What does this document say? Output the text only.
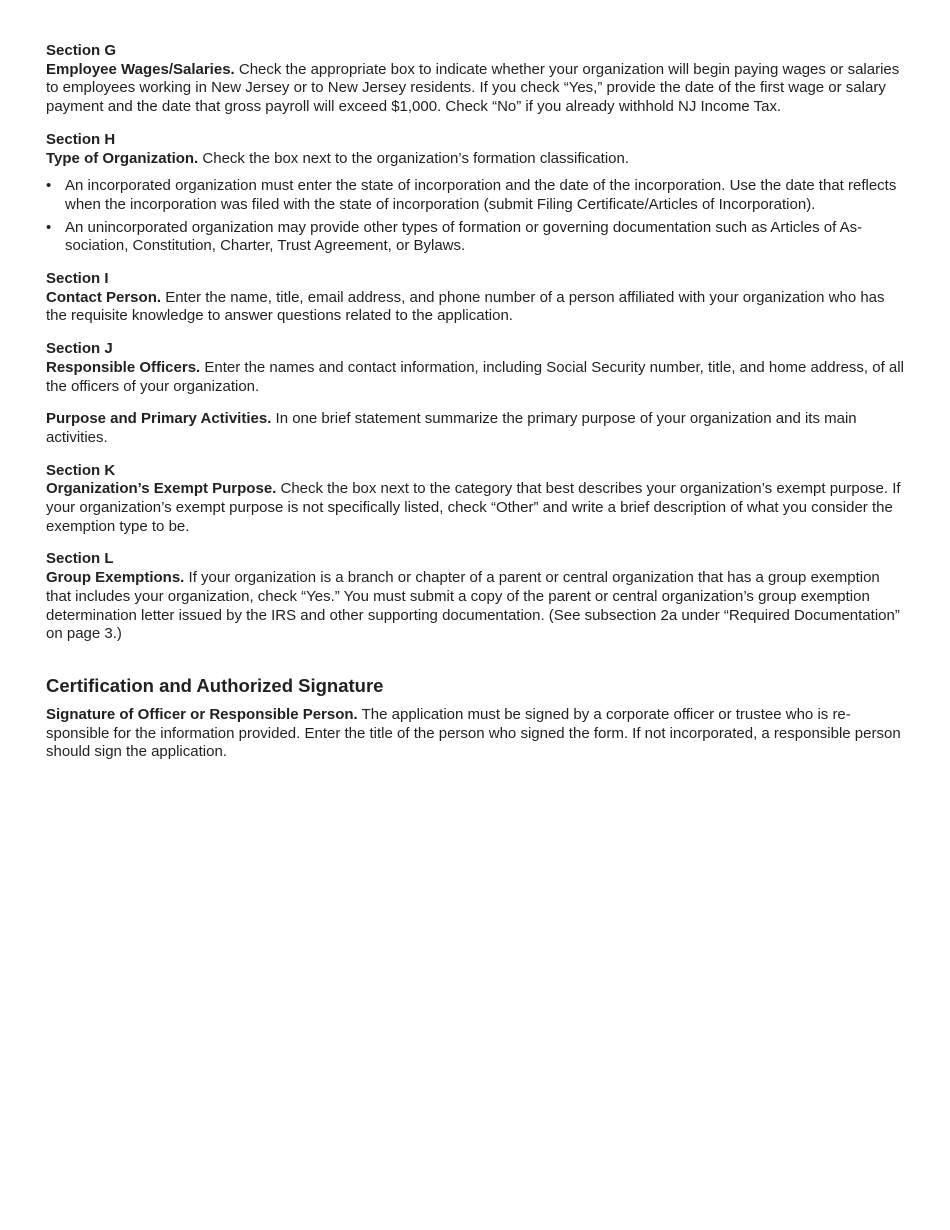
Section G

Employee Wages/Salaries. Check the appropriate box to indicate whether your organization will begin paying wages or salaries to employees working in New Jersey or to New Jersey residents. If you check “Yes,” provide the date of the first wage or salary payment and the date that gross payroll will exceed $1,000. Check “No” if you already withhold NJ Income Tax.

Section H

Type of Organization. Check the box next to the organization’s formation classification.

• An incorporated organization must enter the state of incorporation and the date of the incorporation. Use the date that reflects when the incorporation was filed with the state of incorporation (submit Filing Certificate/Articles of Incorporation).
• An unincorporated organization may provide other types of formation or governing documentation such as Articles of Association, Constitution, Charter, Trust Agreement, or Bylaws.
Section I

Contact Person. Enter the name, title, email address, and phone number of a person affiliated with your organization who has the requisite knowledge to answer questions related to the application.

Section J

Responsible Officers. Enter the names and contact information, including Social Security number, title, and home address, of all the officers of your organization.

Purpose and Primary Activities. In one brief statement summarize the primary purpose of your organization and its main activities.

Section K

Organization’s Exempt Purpose. Check the box next to the category that best describes your organization’s exempt purpose. If your organization’s exempt purpose is not specifically listed, check “Other” and write a brief description of what you consider the exemption type to be.

Section L

Group Exemptions. If your organization is a branch or chapter of a parent or central organization that has a group exemption that includes your organization, check “Yes.” You must submit a copy of the parent or central organization’s group exemption determination letter issued by the IRS and other supporting documentation. (See subsection 2a under “Required Documentation” on page 3.)

Certification and Authorized Signature

Signature of Officer or Responsible Person. The application must be signed by a corporate officer or trustee who is responsible for the information provided. Enter the title of the person who signed the form. If not incorporated, a responsible person should sign the application.
